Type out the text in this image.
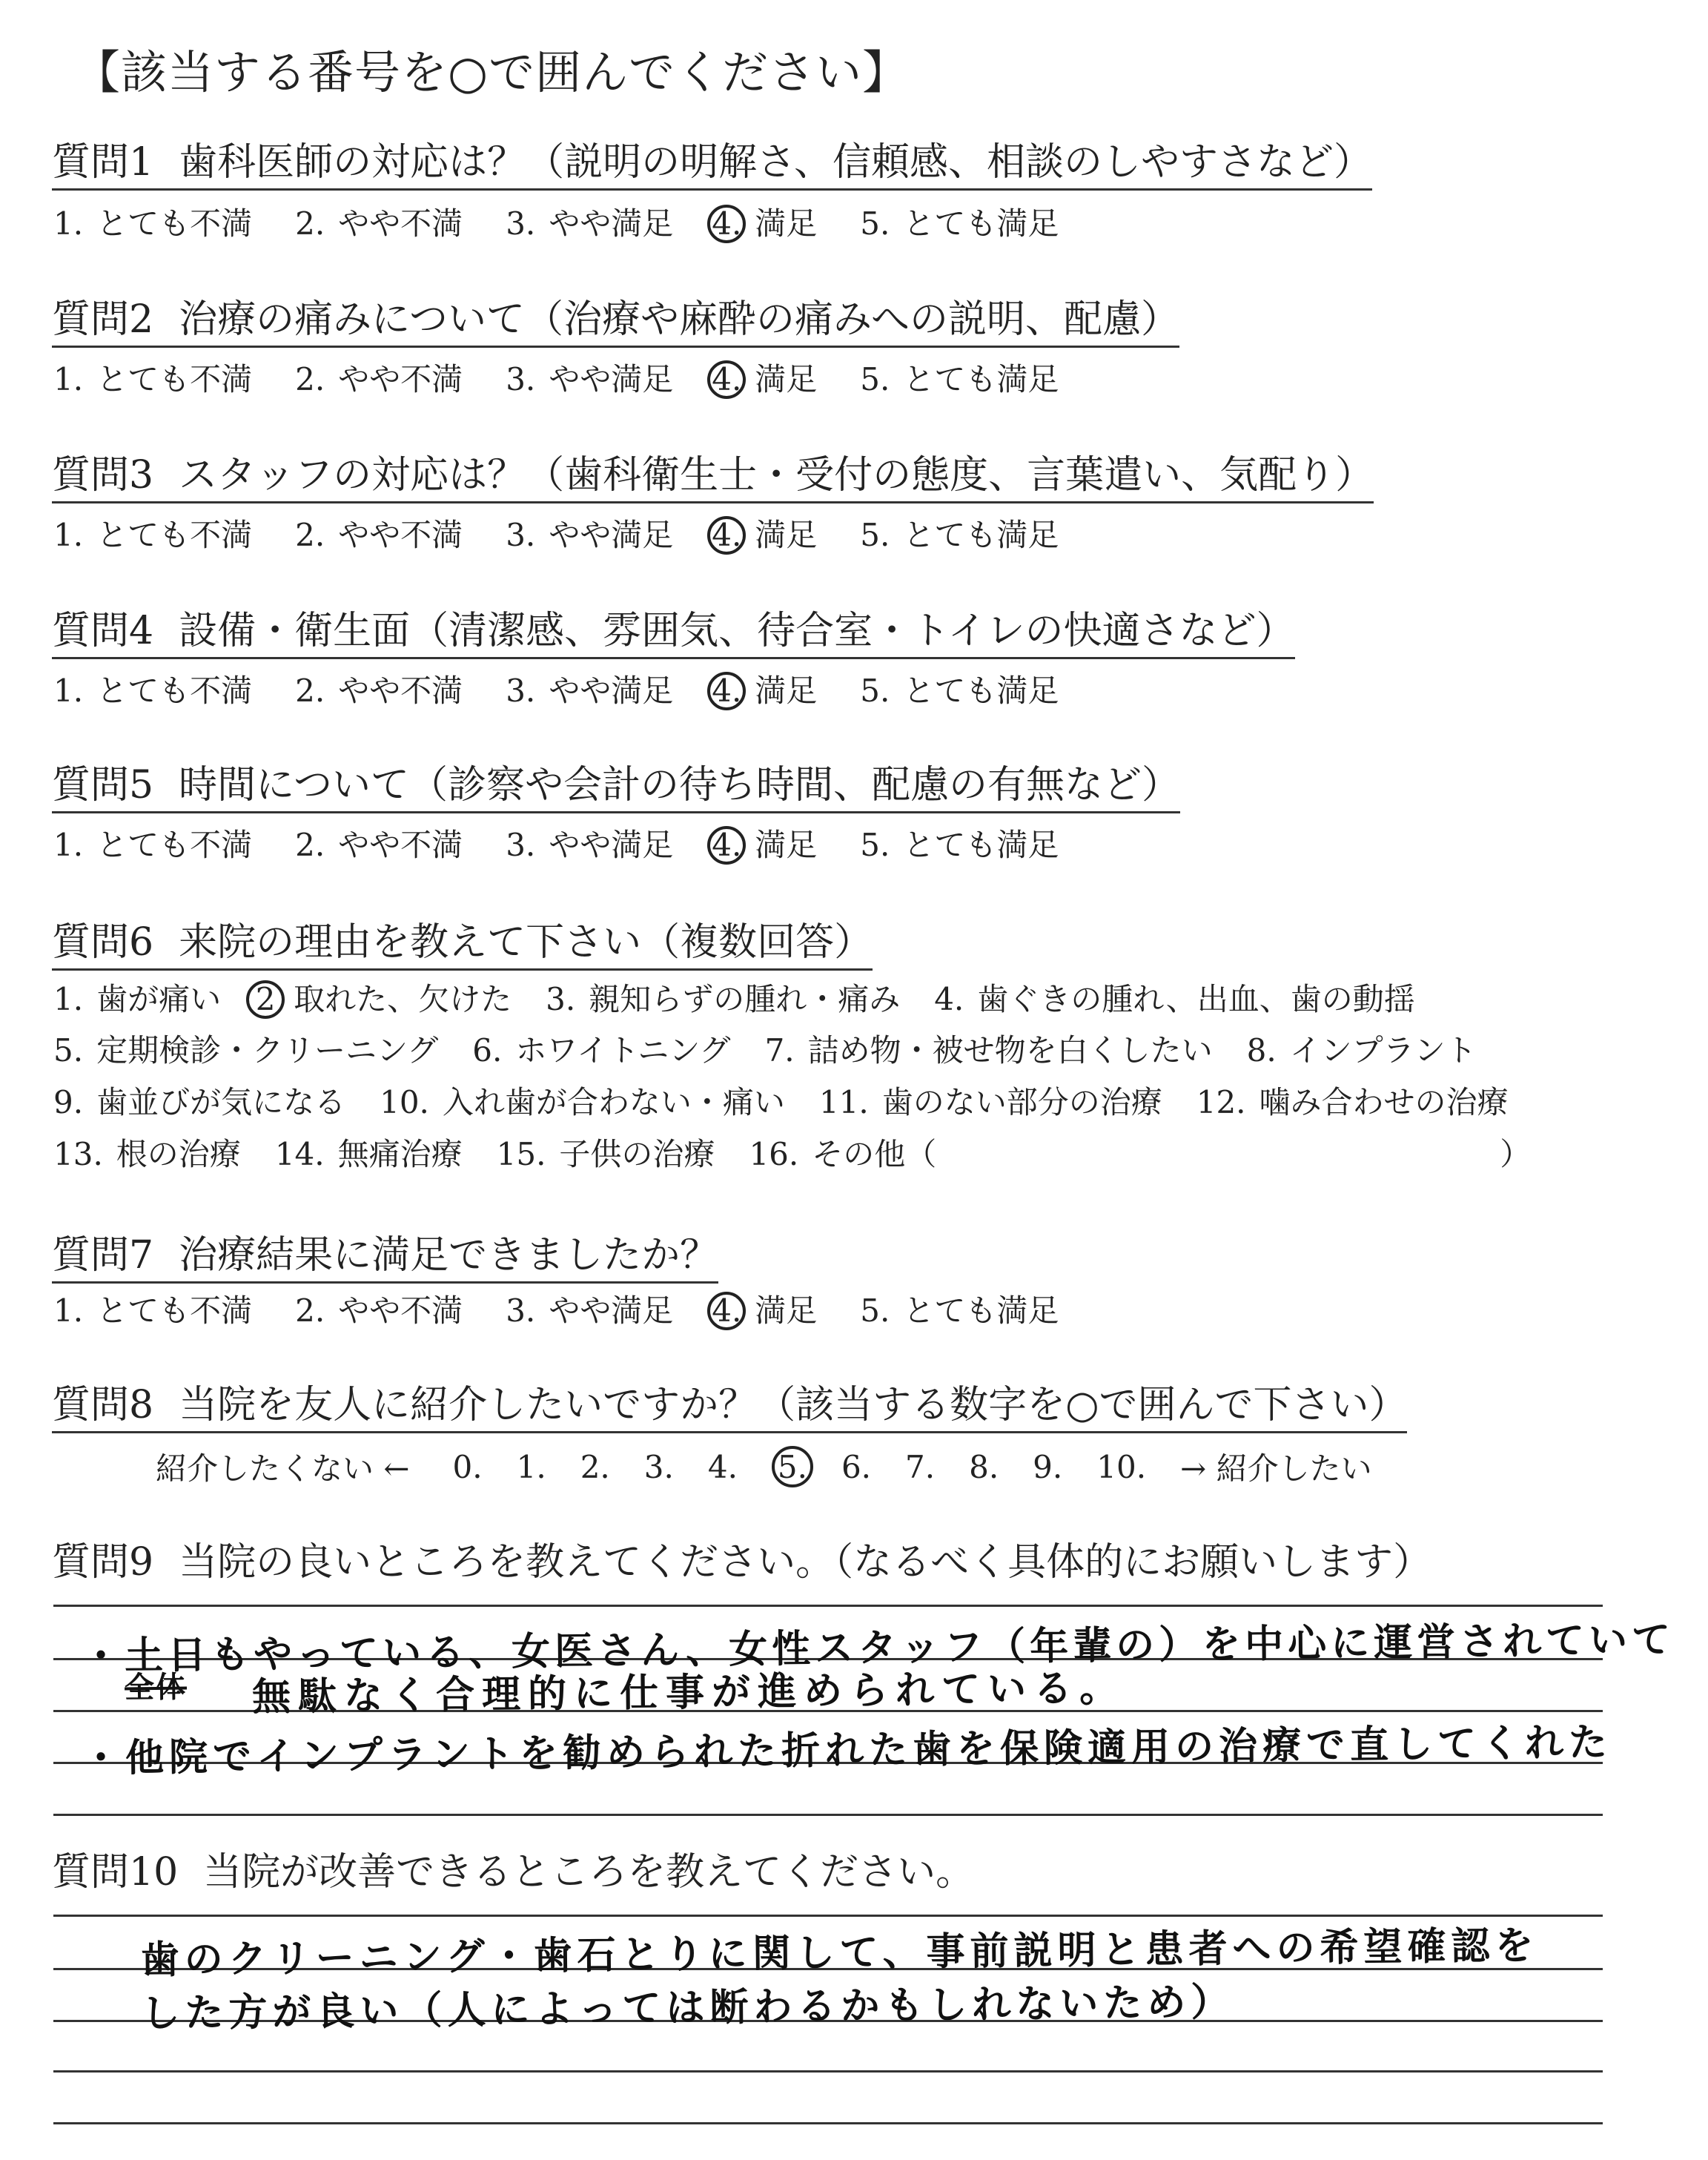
【該当する番号を○で囲んでください】
質問1 歯科医師の対応は？（説明の明解さ、信頼感、相談のしやすさなど）
1. とても不満 2. やや不満 3. やや満足 4. 満足 5. とても満足
質問2 治療の痛みについて（治療や麻酔の痛みへの説明、配慮）
1. とても不満 2. やや不満 3. やや満足 4. 満足 5. とても満足
質問3 スタッフの対応は？（歯科衛生士・受付の態度、言葉遣い、気配り）
1. とても不満 2. やや不満 3. やや満足 4. 満足 5. とても満足
質問4 設備・衛生面（清潔感、雰囲気、待合室・トイレの快適さなど）
1. とても不満 2. やや不満 3. やや満足 4. 満足 5. とても満足
質問5 時間について（診察や会計の待ち時間、配慮の有無など）
1. とても不満 2. やや不満 3. やや満足 4. 満足 5. とても満足
質問6 来院の理由を教えて下さい（複数回答）
1. 歯が痛い	2 取れた、欠けた 3. 親知らずの腫れ・痛み 4. 歯ぐきの腫れ、出血、歯の動揺
5. 定期検診・クリーニング 6. ホワイトニング 7. 詰め物・被せ物を白くしたい 8. インプラント
9. 歯並びが気になる 10. 入れ歯が合わない・痛い 11. 歯のない部分の治療 12. 噛み合わせの治療
13. 根の治療 14. 無痛治療 15. 子供の治療 16. その他（	）
質問7 治療結果に満足できましたか？
1. とても不満 2. やや不満 3. やや満足 4. 満足 5. とても満足
質問8 当院を友人に紹介したいですか？（該当する数字を○で囲んで下さい）
紹介したくない ← 0. 1. 2. 3. 4. 5. 6. 7. 8. 9. 10. → 紹介したい
質問9 当院の良いところを教えてください。（なるべく具体的にお願いします）
・土日もやっている、女医さん、女性スタッフ（年輩の）を中心に運営されていて
全体 無駄なく合理的に仕事が進められている。
・他院でインプラントを勧められた折れた歯を保険適用の治療で直してくれた
質問10 当院が改善できるところを教えてください。
歯のクリーニング・歯石とりに関して、事前説明と患者への希望確認をした方が良い（人によっては断わるかもしれないため）
